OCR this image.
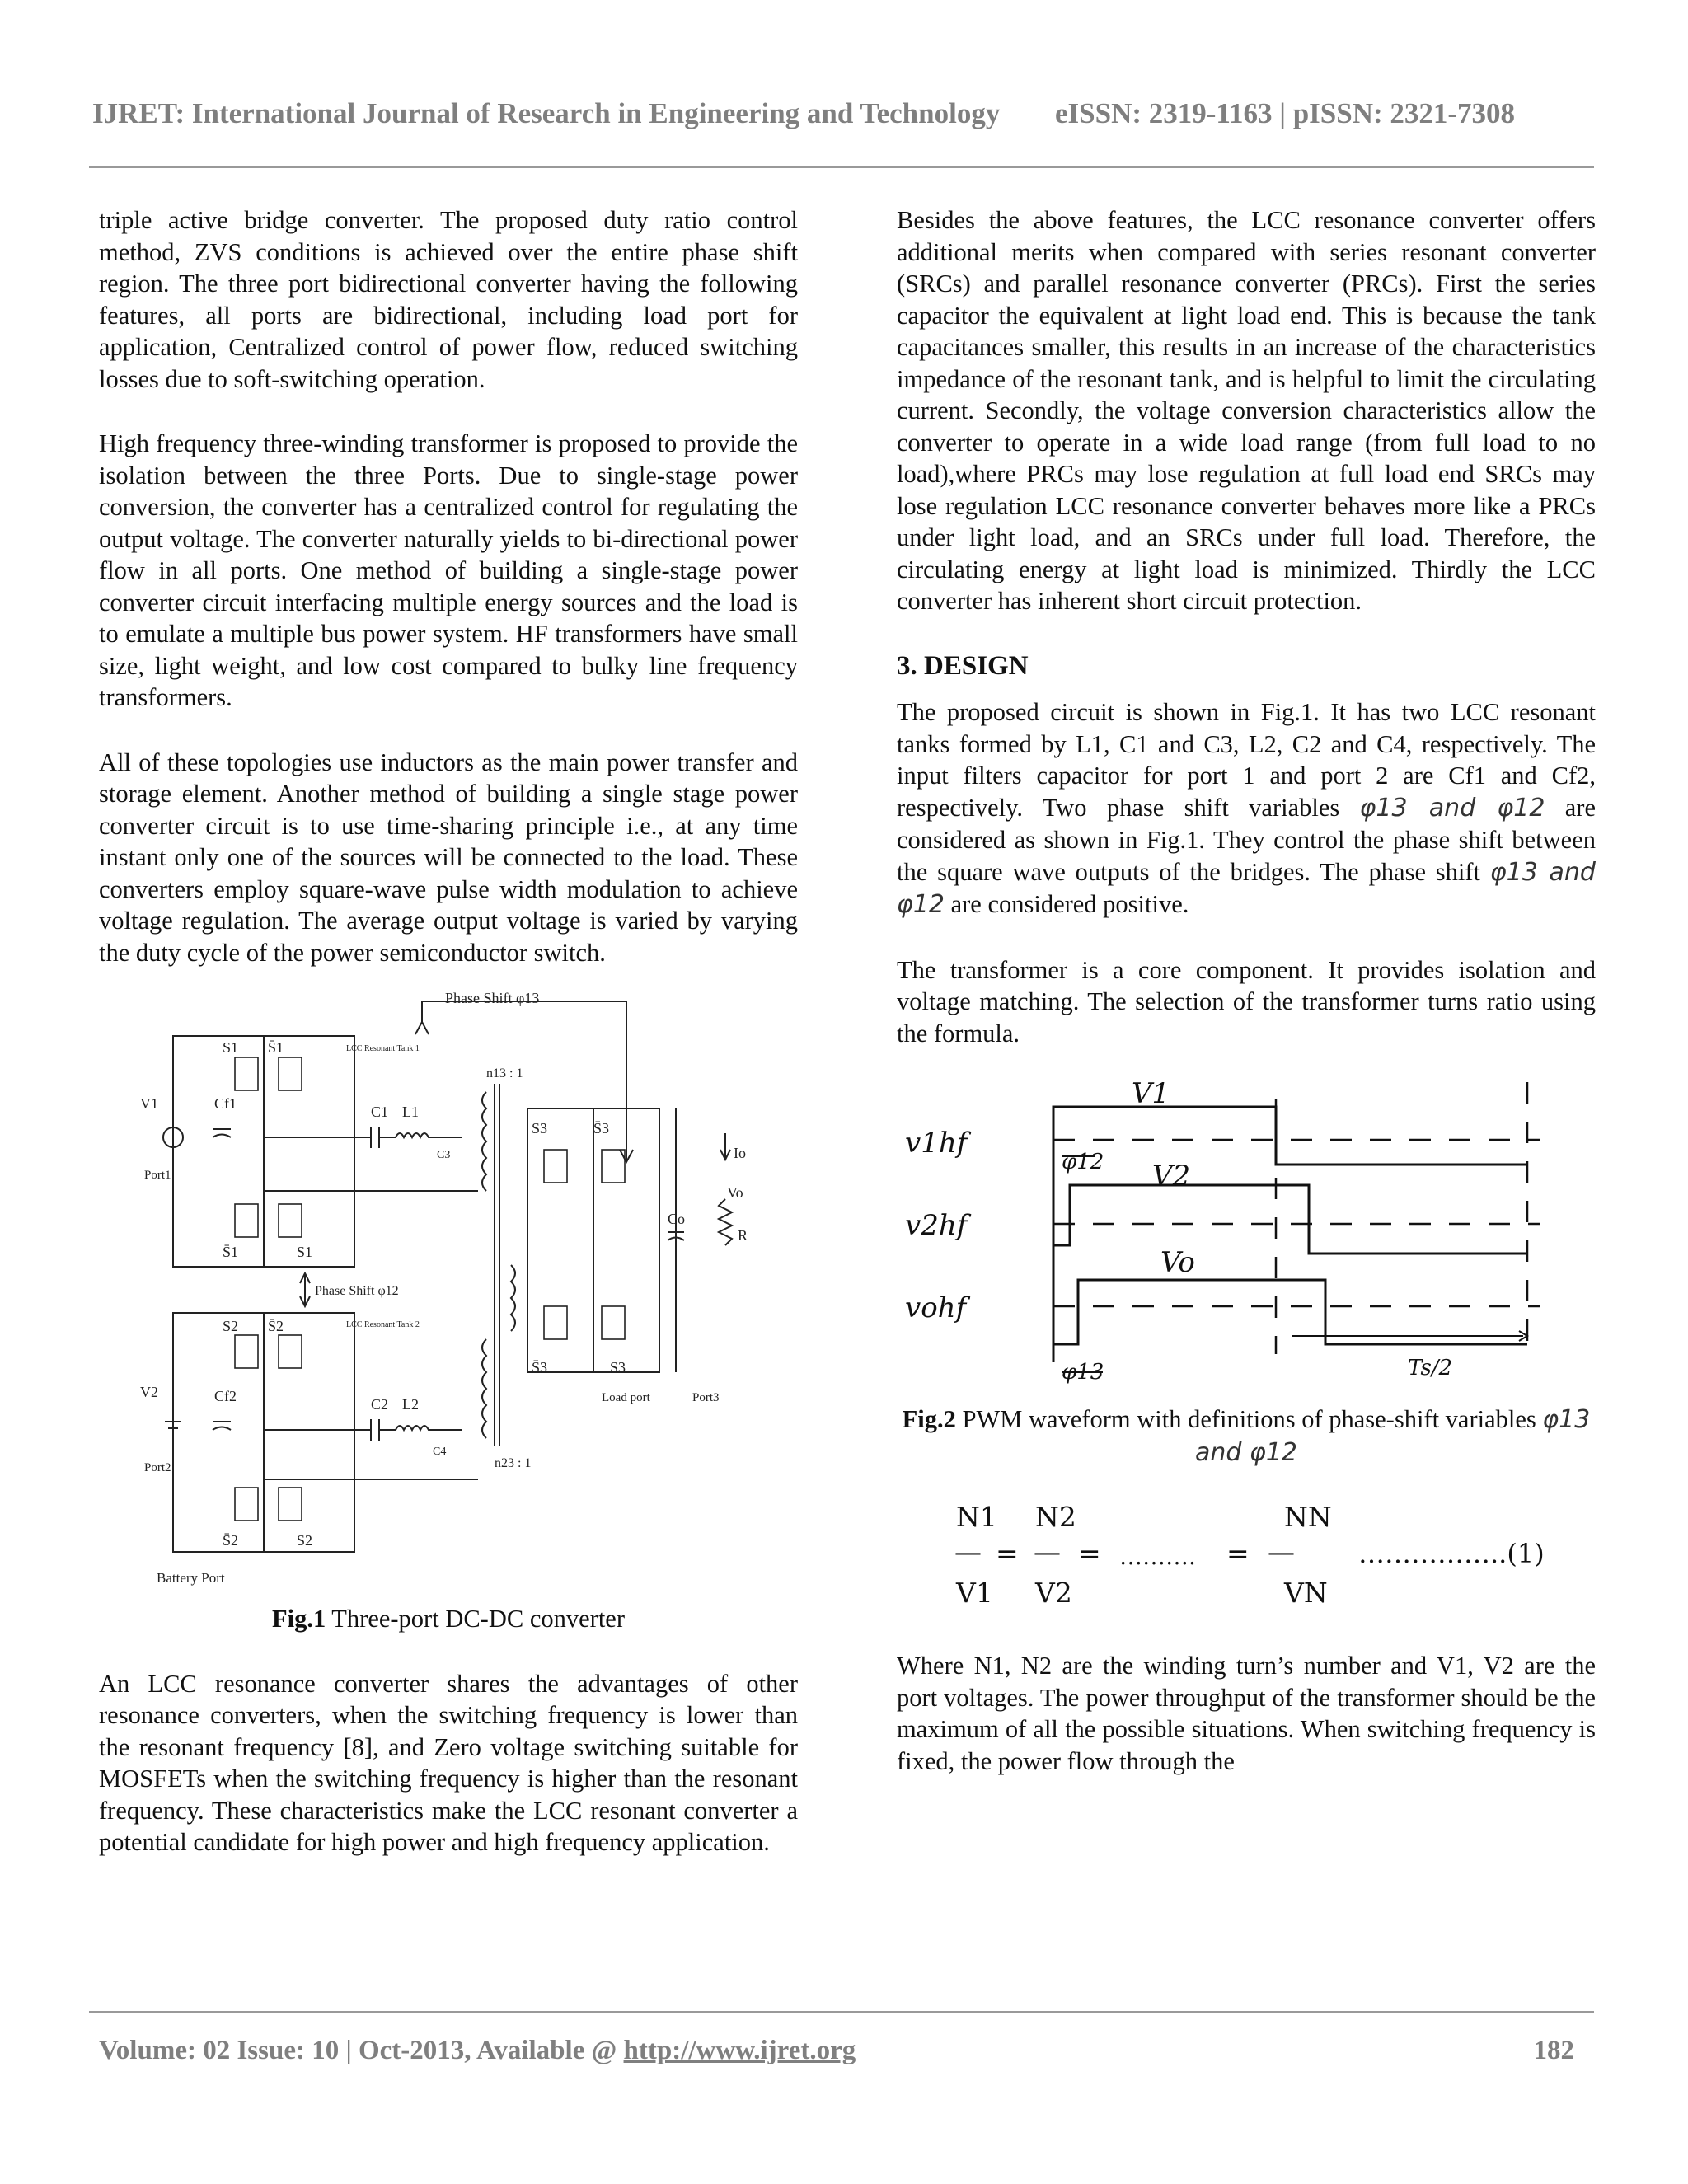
IJRET: International Journal of Research in Engineering and Technology eISSN: 2319-1163 | pISSN: 2321-7308

triple active bridge converter. The proposed duty ratio control method, ZVS conditions is achieved over the entire phase shift region. The three port bidirectional converter having the following features, all ports are bidirectional, including load port for application, Centralized control of power flow, reduced switching losses due to soft-switching operation.

High frequency three-winding transformer is proposed to provide the isolation between the three Ports. Due to single-stage power conversion, the converter has a centralized control for regulating the output voltage. The converter naturally yields to bi-directional power flow in all ports. One method of building a single-stage power converter circuit interfacing multiple energy sources and the load is to emulate a multiple bus power system. HF transformers have small size, light weight, and low cost compared to bulky line frequency transformers.

All of these topologies use inductors as the main power transfer and storage element. Another method of building a single stage power converter circuit is to use time-sharing principle i.e., at any time instant only one of the sources will be connected to the load. These converters employ square-wave pulse width modulation to achieve voltage regulation. The average output voltage is varied by varying the duty cycle of the power semiconductor switch.

Phase Shift φ13
S1 S̄1
S̄1	S1
LCC Resonant Tank 1
V1
Port1
Cf1	C1 L1
C3
n13 : 1
n23 : 1
S3	S̄3
S̄3	S3
Co
Io
Vo
R
Load port	Port3
Phase Shift φ12
S2 S̄2
S̄2	S2
LCC Resonant Tank 2
V2
Port2
Cf2	C2 L2
C4
Battery Port
Fig.1 Three-port DC-DC converter

An LCC resonance converter shares the advantages of other resonance converters, when the switching frequency is lower than the resonant frequency [8], and Zero voltage switching suitable for MOSFETs when the switching frequency is higher than the resonant frequency. These characteristics make the LCC resonant converter a potential candidate for high power and high frequency application.

Besides the above features, the LCC resonance converter offers additional merits when compared with series resonant converter (SRCs) and parallel resonance converter (PRCs). First the series capacitor the equivalent at light load end. This is because the tank capacitances smaller, this results in an increase of the characteristics impedance of the resonant tank, and is helpful to limit the circulating current. Secondly, the voltage conversion characteristics allow the converter to operate in a wide load range (from full load to no load),where PRCs may lose regulation at full load end SRCs may lose regulation LCC resonance converter behaves more like a PRCs under light load, and an SRCs under full load. Therefore, the circulating energy at light load is minimized. Thirdly the LCC converter has inherent short circuit protection.

3. DESIGN

The proposed circuit is shown in Fig.1. It has two LCC resonant tanks formed by L1, C1 and C3, L2, C2 and C4, respectively. The input filters capacitor for port 1 and port 2 are Cf1 and Cf2, respectively. Two phase shift variables φ13 and φ12 are considered as shown in Fig.1. They control the phase shift between the square wave outputs of the bridges. The phase shift φ13 and φ12 are considered positive.

The transformer is a core component. It provides isolation and voltage matching. The selection of the transformer turns ratio using the formula.

v1hf
v2hf
vohf
V1
V2
Vo
φ12
φ13	Ts/2
Fig.2 PWM waveform with definitions of phase-shift variables φ13 and φ12
N1 N2	NN
— = — = ………. = — ……………..(1)
V1 V2	VN

Where N1, N2 are the winding turn’s number and V1, V2 are the port voltages. The power throughput of the transformer should be the maximum of all the possible situations. When switching frequency is fixed, the power flow through the

Volume: 02 Issue: 10 | Oct-2013, Available @ http://www.ijret.org	182
